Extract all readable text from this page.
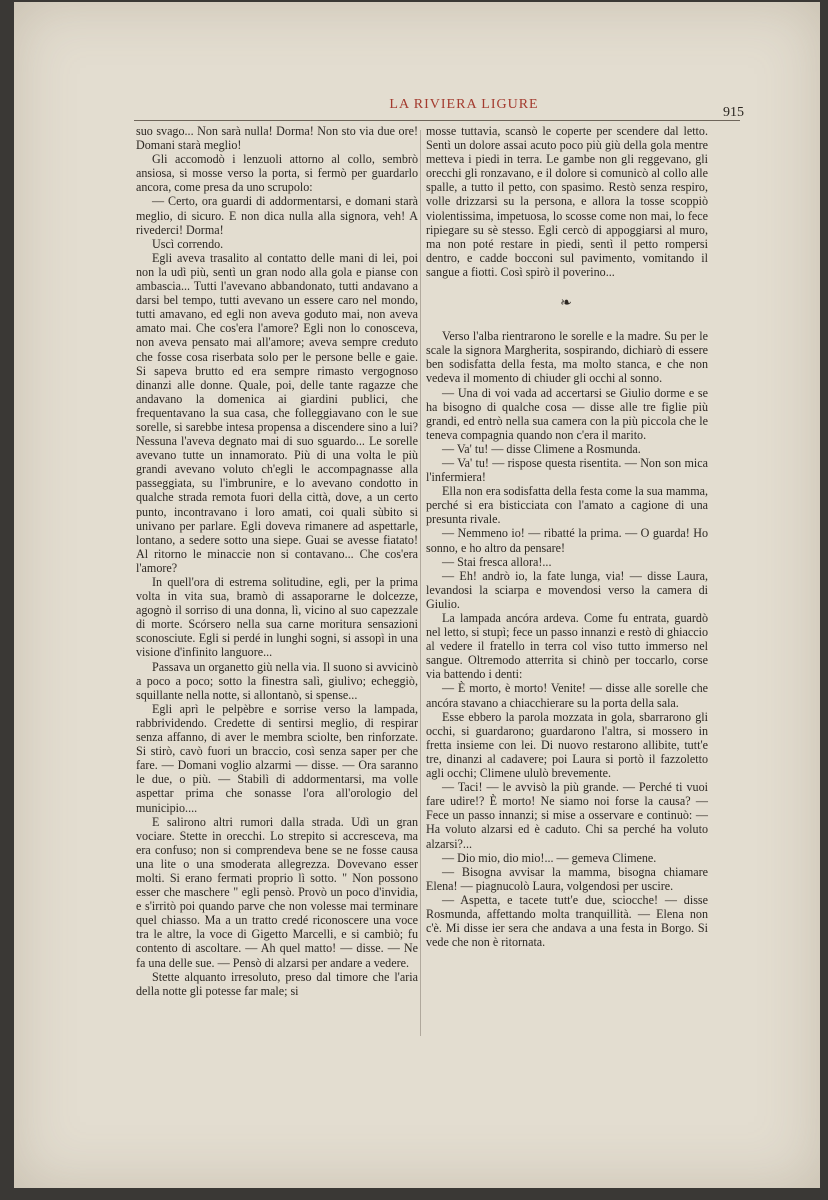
LA RIVIERA LIGURE
915

suo svago... Non sarà nulla! Dorma! Non sto via due ore! Domani starà meglio!

Gli accomodò i lenzuoli attorno al collo, sembrò ansiosa, si mosse verso la porta, si fermò per guardarlo ancora, come presa da uno scrupolo:

— Certo, ora guardi di addormentarsi, e domani starà meglio, di sicuro. E non dica nulla alla signora, veh! A rivederci! Dorma!

Uscì correndo.

Egli aveva trasalito al contatto delle mani di lei, poi non la udì più, sentì un gran nodo alla gola e pianse con ambascia... Tutti l'avevano abbandonato, tutti andavano a darsi bel tempo, tutti avevano un essere caro nel mondo, tutti amavano, ed egli non aveva goduto mai, non aveva amato mai. Che cos'era l'amore? Egli non lo conosceva, non aveva pensato mai all'amore; aveva sempre creduto che fosse cosa riserbata solo per le persone belle e gaie. Si sapeva brutto ed era sempre rimasto vergognoso dinanzi alle donne. Quale, poi, delle tante ragazze che andavano la domenica ai giardini publici, che frequentavano la sua casa, che folleggiavano con le sue sorelle, si sarebbe intesa propensa a discendere sino a lui? Nessuna l'aveva degnato mai di suo sguardo... Le sorelle avevano tutte un innamorato. Più di una volta le più grandi avevano voluto ch'egli le accompagnasse alla passeggiata, su l'imbrunire, e lo avevano condotto in qualche strada remota fuori della città, dove, a un certo punto, incontravano i loro amati, coi quali sùbito si univano per parlare. Egli doveva rimanere ad aspettarle, lontano, a sedere sotto una siepe. Guai se avesse fiatato! Al ritorno le minaccie non si contavano... Che cos'era l'amore?

In quell'ora di estrema solitudine, egli, per la prima volta in vita sua, bramò di assaporarne le dolcezze, agognò il sorriso di una donna, lì, vicino al suo capezzale di morte. Scórsero nella sua carne moritura sensazioni sconosciute. Egli si perdé in lunghi sogni, si assopì in una visione d'infinito languore...

Passava un organetto giù nella via. Il suono si avvicinò a poco a poco; sotto la finestra salì, giulivo; echeggiò, squillante nella notte, si allontanò, si spense...

Egli aprì le pelpèbre e sorrise verso la lampada, rabbrividendo. Credette di sentirsi meglio, di respirar senza affanno, di aver le membra sciolte, ben rinforzate. Si stirò, cavò fuori un braccio, così senza saper per che fare. — Domani voglio alzarmi — disse. — Ora saranno le due, o più. — Stabilì di addormentarsi, ma volle aspettar prima che sonasse l'ora all'orologio del municipio....

E salirono altri rumori dalla strada. Udì un gran vociare. Stette in orecchi. Lo strepito si accresceva, ma era confuso; non si comprendeva bene se ne fosse causa una lite o una smoderata allegrezza. Dovevano esser molti. Si erano fermati proprio lì sotto. " Non possono esser che maschere " egli pensò. Provò un poco d'invidia, e s'irritò poi quando parve che non volesse mai terminare quel chiasso. Ma a un tratto credé riconoscere una voce tra le altre, la voce di Gigetto Marcelli, e si cambiò; fu contento di ascoltare. — Ah quel matto! — disse. — Ne fa una delle sue. — Pensò di alzarsi per andare a vedere.

Stette alquanto irresoluto, preso dal timore che l'aria della notte gli potesse far male; si

mosse tuttavia, scansò le coperte per scendere dal letto. Sentì un dolore assai acuto poco più giù della gola mentre metteva i piedi in terra. Le gambe non gli reggevano, gli orecchi gli ronzavano, e il dolore si comunicò al collo alle spalle, a tutto il petto, con spasimo. Restò senza respiro, volle drizzarsi su la persona, e allora la tosse scoppiò violentissima, impetuosa, lo scosse come non mai, lo fece ripiegare su sè stesso. Egli cercò di appoggiarsi al muro, ma non poté restare in piedi, sentì il petto rompersi dentro, e cadde bocconi sul pavimento, vomitando il sangue a fiotti. Così spirò il poverino...

❧

Verso l'alba rientrarono le sorelle e la madre. Su per le scale la signora Margherita, sospirando, dichiarò di essere ben sodisfatta della festa, ma molto stanca, e che non vedeva il momento di chiuder gli occhi al sonno.

— Una di voi vada ad accertarsi se Giulio dorme e se ha bisogno di qualche cosa — disse alle tre figlie più grandi, ed entrò nella sua camera con la più piccola che le teneva compagnia quando non c'era il marito.

— Va' tu! — disse Climene a Rosmunda.

— Va' tu! — rispose questa risentita. — Non son mica l'infermiera!

Ella non era sodisfatta della festa come la sua mamma, perché si era bisticciata con l'amato a cagione di una presunta rivale.

— Nemmeno io! — ribatté la prima. — O guarda! Ho sonno, e ho altro da pensare!

— Stai fresca allora!...

— Eh! andrò io, la fate lunga, via! — disse Laura, levandosi la sciarpa e movendosi verso la camera di Giulio.

La lampada ancóra ardeva. Come fu entrata, guardò nel letto, si stupì; fece un passo innanzi e restò di ghiaccio al vedere il fratello in terra col viso tutto immerso nel sangue. Oltremodo atterrita si chinò per toccarlo, corse via battendo i denti:

— È morto, è morto! Venite! — disse alle sorelle che ancóra stavano a chiacchierare su la porta della sala.

Esse ebbero la parola mozzata in gola, sbarrarono gli occhi, si guardarono; guardarono l'altra, si mossero in fretta insieme con lei. Di nuovo restarono allibite, tutt'e tre, dinanzi al cadavere; poi Laura si portò il fazzoletto agli occhi; Climene ululò brevemente.

— Taci! — le avvisò la più grande. — Perché ti vuoi fare udire!? È morto! Ne siamo noi forse la causa? — Fece un passo innanzi; si mise a osservare e continuò: — Ha voluto alzarsi ed è caduto. Chi sa perché ha voluto alzarsi?...

— Dio mio, dio mio!... — gemeva Climene.

— Bisogna avvisar la mamma, bisogna chiamare Elena! — piagnucolò Laura, volgendosi per uscire.

— Aspetta, e tacete tutt'e due, sciocche! — disse Rosmunda, affettando molta tranquillità. — Elena non c'è. Mi disse ier sera che andava a una festa in Borgo. Si vede che non è ritornata.
